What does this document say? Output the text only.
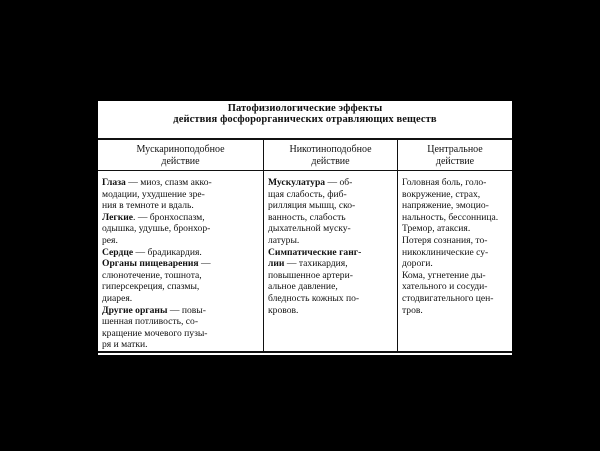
Патофизиологические эффекты
действия фосфорорганических отравляющих веществ
Мускариноподобное
действие
Глаза — миоз, спазм акко-
модации, ухудшение зре-
ния в темноте и вдаль.
Легкие. — бронхоспазм,
одышка, удушье, бронхор-
рея.
Сердце — брадикардия.
Органы пищеварения —
слюнотечение, тошнота,
гиперсекреция, спазмы,
диарея.
Другие органы — повы-
шенная потливость, со-
кращение мочевого пузы-
ря и матки.
Никотиноподобное
действие
Мускулатура — об-
щая слабость, фиб-
рилляция мышц, ско-
ванность, слабость
дыхательной муску-
латуры.
Симпатические ганг-
лии — тахикардия,
повышенное артери-
альное давление,
бледность кожных по-
кровов.
Центральное
действие
Головная боль, голо-
вокружение, страх,
напряжение, эмоцио-
нальность, бессонница.
Тремор, атаксия.
Потеря сознания, то-
никоклинические су-
дороги.
Кома, угнетение ды-
хательного и сосуди-
стодвигательного цен-
тров.
